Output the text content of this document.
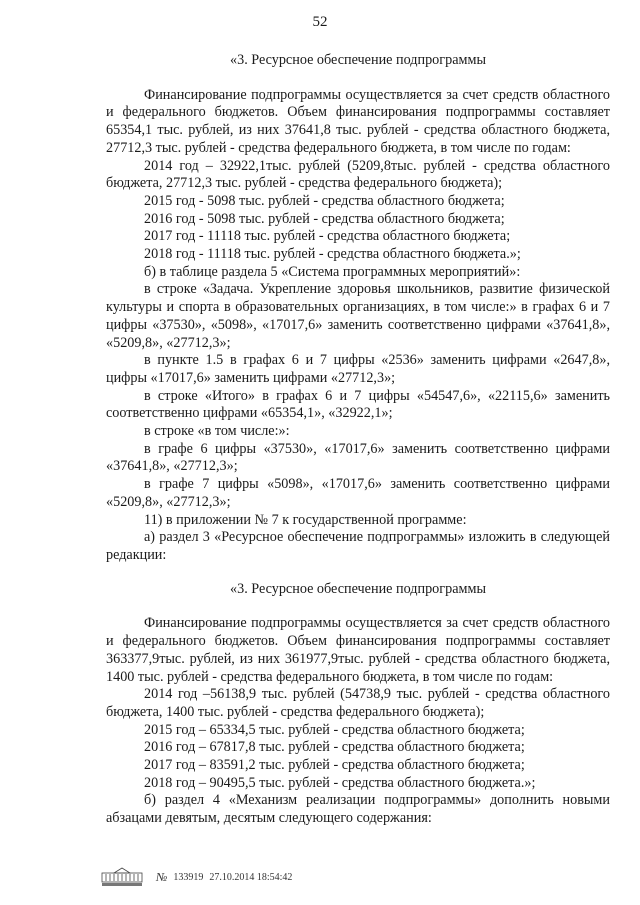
52
«3. Ресурсное обеспечение подпрограммы
Финансирование подпрограммы осуществляется за счет средств областного и федерального бюджетов. Объем финансирования подпрограммы составляет 65354,1 тыс. рублей, из них 37641,8 тыс. рублей - средства областного бюджета, 27712,3 тыс. рублей - средства федерального бюджета, в том числе по годам:
2014 год – 32922,1тыс. рублей (5209,8тыс. рублей - средства областного бюджета, 27712,3 тыс. рублей - средства федерального бюджета);
2015 год - 5098 тыс. рублей - средства областного бюджета;
2016 год - 5098 тыс. рублей - средства областного бюджета;
2017 год - 11118 тыс. рублей - средства областного бюджета;
2018 год - 11118 тыс. рублей - средства областного бюджета.»;
б) в таблице раздела 5 «Система программных мероприятий»:
в строке «Задача. Укрепление здоровья школьников, развитие физической культуры и спорта в образовательных организациях, в том числе:» в графах 6 и 7 цифры «37530», «5098», «17017,6» заменить соответственно цифрами «37641,8», «5209,8», «27712,3»;
в пункте 1.5 в графах 6 и 7 цифры «2536» заменить цифрами «2647,8», цифры «17017,6» заменить цифрами «27712,3»;
в строке «Итого» в графах 6 и 7 цифры «54547,6», «22115,6» заменить соответственно цифрами «65354,1», «32922,1»;
в строке «в том числе:»:
в графе 6 цифры «37530», «17017,6» заменить соответственно цифрами «37641,8», «27712,3»;
в графе 7 цифры «5098», «17017,6» заменить соответственно цифрами «5209,8», «27712,3»;
11) в приложении № 7 к государственной программе:
а) раздел 3 «Ресурсное обеспечение подпрограммы» изложить в следующей редакции:
«3. Ресурсное обеспечение подпрограммы
Финансирование подпрограммы осуществляется за счет средств областного и федерального бюджетов. Объем финансирования подпрограммы составляет 363377,9тыс. рублей, из них 361977,9тыс. рублей - средства областного бюджета, 1400 тыс. рублей - средства федерального бюджета, в том числе по годам:
2014 год –56138,9 тыс. рублей (54738,9 тыс. рублей - средства областного бюджета, 1400 тыс. рублей - средства федерального бюджета);
2015 год – 65334,5 тыс. рублей - средства областного бюджета;
2016 год – 67817,8 тыс. рублей - средства областного бюджета;
2017 год – 83591,2 тыс. рублей - средства областного бюджета;
2018 год – 90495,5 тыс. рублей - средства областного бюджета.»;
б) раздел 4 «Механизм реализации подпрограммы» дополнить новыми абзацами девятым, десятым следующего содержания:
№ 133919 27.10.2014 18:54:42
